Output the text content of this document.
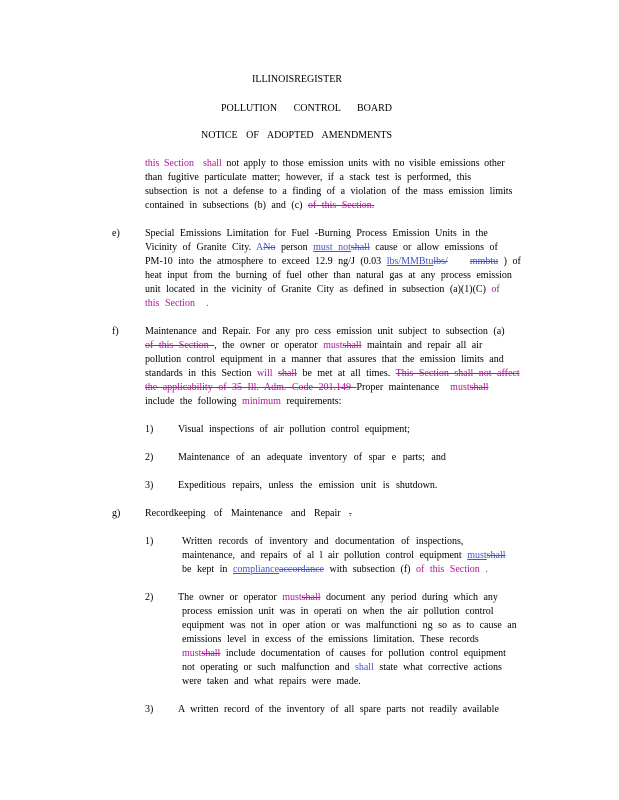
ILLINOISREGISTER
POLLUTION CONTROL BOARD
NOTICE OF ADOPTED AMENDMENTS
this Section shall not apply to those emission units with no visible emissions other
than fugitive particulate matter; however, if a stack test is performed, this
subsection is not a defense to a finding of a violation of the mass emission limits
contained in subsections (b) and (c) of this Section.
e)	Special Emissions Limitation for Fuel -Burning Process Emission Units in the
Vicinity of Granite City. ANo person must notshall cause or allow emissions of
PM-10 into the atmosphere to exceed 12.9 ng/J (0.03 lbs/MMBtulbs/ mmbtu ) of
heat input from the burning of fuel other than natural gas at any process emission
unit located in the vicinity of Granite City as defined in subsection (a)(1)(C) of
this Section .
f)	Maintenance and Repair. For any pro cess emission unit subject to subsection (a)
of this Section , the owner or operator mustshall maintain and repair all air
pollution control equipment in a manner that assures that the emission limits and
standards in this Section will shall be met at all times. This Section shall not affect
the applicability of 35 Ill. Adm. Code 201.149 Proper maintenance  mustshall
include the following minimum requirements:
1) Visual inspections of air pollution control equipment;
2) Maintenance of an adequate inventory of spar e parts; and
3) Expeditious repairs, unless the emission unit is shutdown.
g) Recordkeeping of Maintenance and Repair .
1)	Written records of inventory and documentation of inspections,
maintenance, and repairs of al l air pollution control equipment mustshall
be kept in complianceaccordance with subsection (f) of this Section .
2) The owner or operator mustshall document any period during which any
process emission unit was in operati on when the air pollution control
equipment was not in oper ation or was malfunctioni ng so as to cause an
emissions level in excess of the emissions limitation. These records
mustshall include documentation of causes for pollution control equipment
not operating or such malfunction and shall state what corrective actions
were taken and what repairs were made.
3) A written record of the inventory of all spare parts not readily available
